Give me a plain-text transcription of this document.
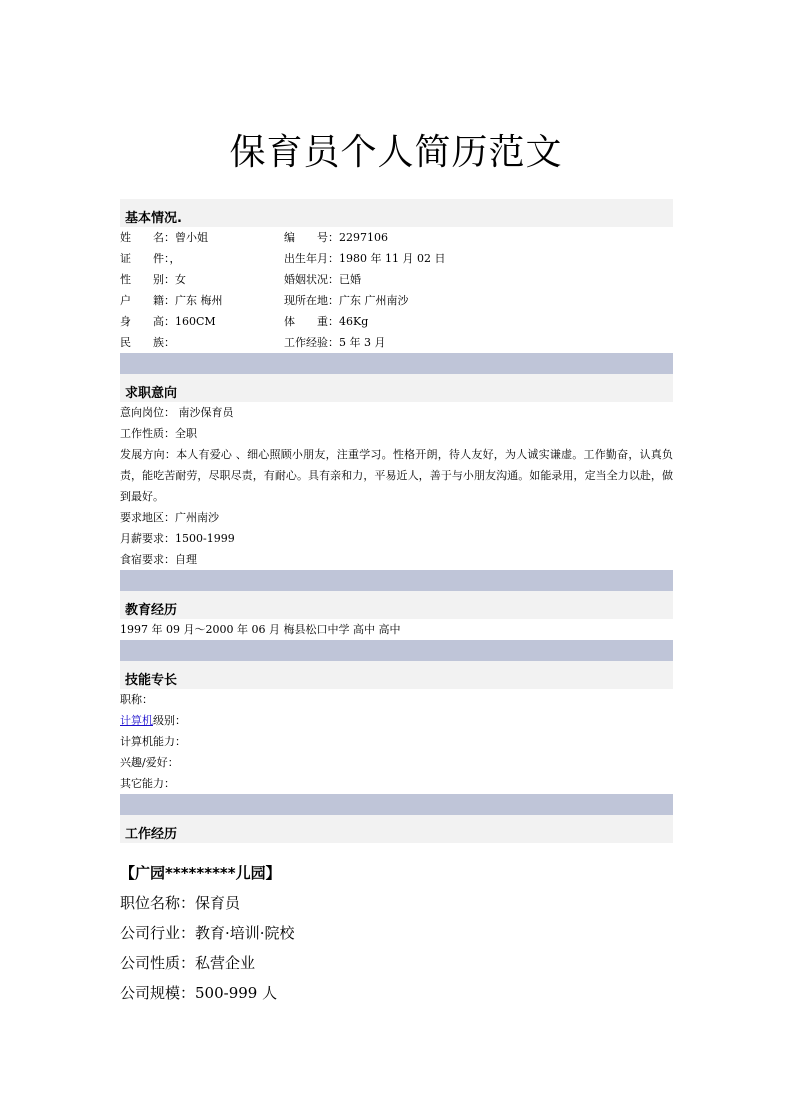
保育员个人简历范文
基本情况.
姓　　名：曾小姐	编　　号：2297106
证　　件：，	出生年月：1980 年 11 月 02 日
性　　别：女	婚姻状况：已婚
户　　籍：广东 梅州	现所在地：广东 广州南沙
身　　高：160CM	体　　重：46Kg
民　　族：	工作经验：5 年 3 月
求职意向
意向岗位： 南沙保育员
工作性质：全职
发展方向：本人有爱心 、细心照顾小朋友，注重学习。性格开朗，待人友好，为人诚实谦虚。工作勤奋，认真负责，能吃苦耐劳，尽职尽责，有耐心。具有亲和力，平易近人，善于与小朋友沟通。如能录用，定当全力以赴，做到最好。
要求地区：广州南沙
月薪要求：1500-1999
食宿要求：自理
教育经历
1997 年 09 月～2000 年 06 月 梅县松口中学 高中 高中
技能专长
职称：
计算机级别：
计算机能力：
兴趣/爱好：
其它能力：
工作经历
【广园*********儿园】
职位名称：保育员
公司行业：教育·培训·院校
公司性质：私营企业
公司规模：500-999 人
